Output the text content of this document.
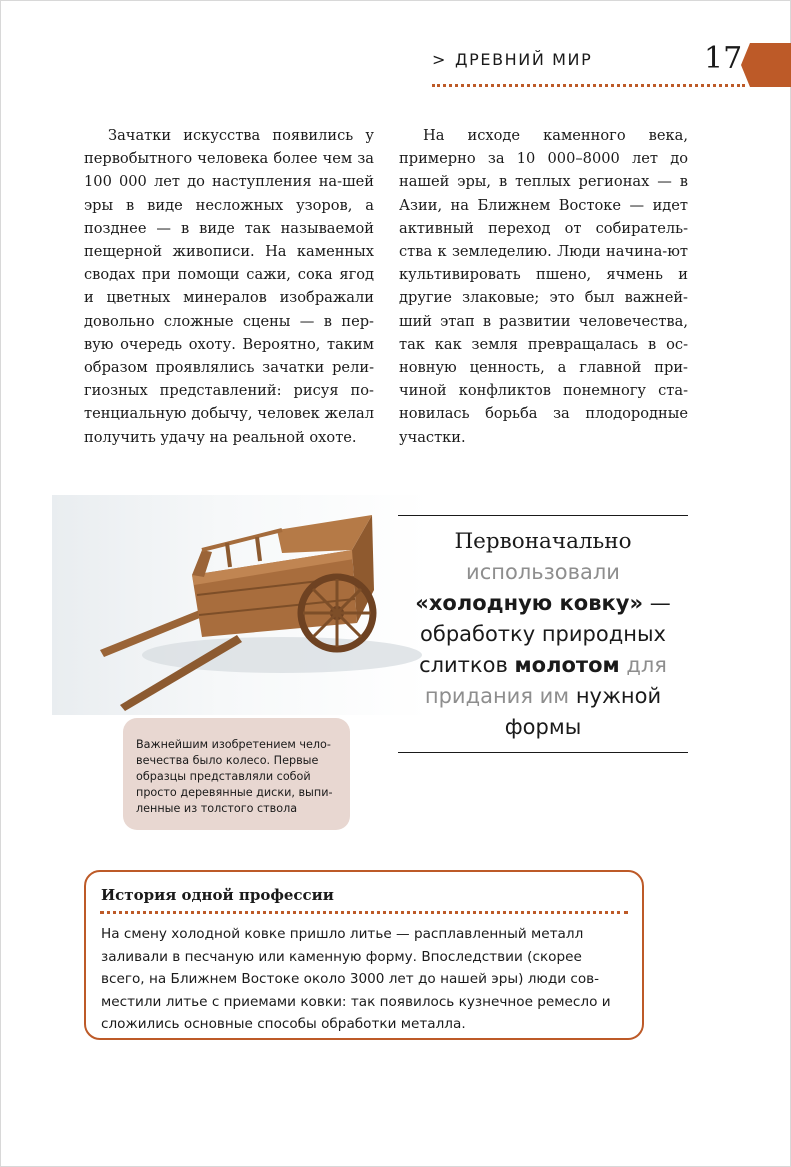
> ДРЕВНИЙ МИР	17

Зачатки искусства появились у первобытного человека более чем за 100 000 лет до наступления на-шей эры в виде несложных узоров, а позднее — в виде так называемой пещерной живописи. На каменных сводах при помощи сажи, сока ягод и цветных минералов изображали довольно сложные сцены — в пер-вую очередь охоту. Вероятно, таким образом проявлялись зачатки рели-гиозных представлений: рисуя по-тенциальную добычу, человек желал получить удачу на реальной охоте.

На исходе каменного века, примерно за 10 000–8000 лет до нашей эры, в теплых регионах — в Азии, на Ближнем Востоке — идет активный переход от собиратель-ства к земледелию. Люди начина-ют культивировать пшено, ячмень и другие злаковые; это был важней-ший этап в развитии человечества, так как земля превращалась в ос-новную ценность, а главной при-чиной конфликтов понемногу ста-новилась борьба за плодородные участки.

Важнейшим изобретением чело-вечества было колесо. Первые образцы представляли собой просто деревянные диски, выпи-ленные из толстого ствола
Первоначально
использовали
«холодную ковку» —
обработку природных
слитков молотом для
придания им нужной
формы
История одной профессии
На смену холодной ковке пришло литье — расплавленный металл заливали в песчаную или каменную форму. Впоследствии (скорее всего, на Ближнем Востоке около 3000 лет до нашей эры) люди сов-местили литье с приемами ковки: так появилось кузнечное ремесло и сложились основные способы обработки металла.
